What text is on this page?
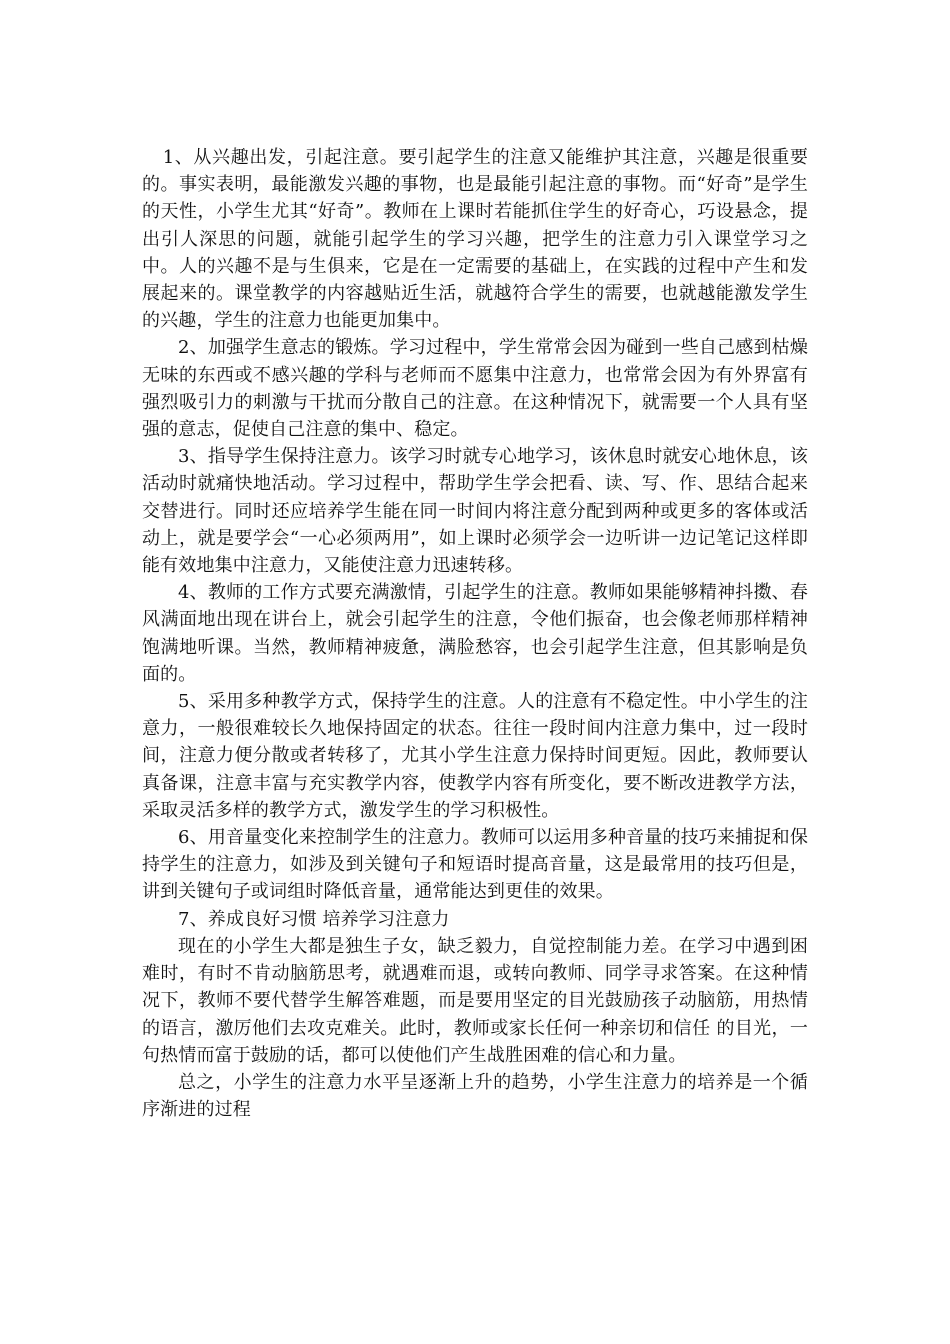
1、从兴趣出发，引起注意。要引起学生的注意又能维护其注意，兴趣是很重要的。事实表明，最能激发兴趣的事物，也是最能引起注意的事物。而“好奇”是学生的天性，小学生尤其“好奇”。教师在上课时若能抓住学生的好奇心，巧设悬念，提出引人深思的问题，就能引起学生的学习兴趣，把学生的注意力引入课堂学习之中。人的兴趣不是与生俱来，它是在一定需要的基础上，在实践的过程中产生和发展起来的。课堂教学的内容越贴近生活，就越符合学生的需要，也就越能激发学生的兴趣，学生的注意力也能更加集中。

2、加强学生意志的锻炼。学习过程中，学生常常会因为碰到一些自己感到枯燥无味的东西或不感兴趣的学科与老师而不愿集中注意力，也常常会因为有外界富有强烈吸引力的刺激与干扰而分散自己的注意。在这种情况下，就需要一个人具有坚强的意志，促使自己注意的集中、稳定。

3、指导学生保持注意力。该学习时就专心地学习，该休息时就安心地休息，该活动时就痛快地活动。学习过程中，帮助学生学会把看、读、写、作、思结合起来交替进行。同时还应培养学生能在同一时间内将注意分配到两种或更多的客体或活动上，就是要学会“一心必须两用”，如上课时必须学会一边听讲一边记笔记这样即能有效地集中注意力，又能使注意力迅速转移。

4、教师的工作方式要充满激情，引起学生的注意。教师如果能够精神抖擞、春风满面地出现在讲台上，就会引起学生的注意，令他们振奋，也会像老师那样精神饱满地听课。当然，教师精神疲惫，满脸愁容，也会引起学生注意，但其影响是负面的。

5、采用多种教学方式，保持学生的注意。人的注意有不稳定性。中小学生的注意力，一般很难较长久地保持固定的状态。往往一段时间内注意力集中，过一段时间，注意力便分散或者转移了，尤其小学生注意力保持时间更短。因此，教师要认真备课，注意丰富与充实教学内容，使教学内容有所变化，要不断改进教学方法，采取灵活多样的教学方式，激发学生的学习积极性。

6、用音量变化来控制学生的注意力。教师可以运用多种音量的技巧来捕捉和保持学生的注意力，如涉及到关键句子和短语时提高音量，这是最常用的技巧但是，讲到关键句子或词组时降低音量，通常能达到更佳的效果。

7、养成良好习惯 培养学习注意力

现在的小学生大都是独生子女，缺乏毅力，自觉控制能力差。在学习中遇到困难时，有时不肯动脑筋思考，就遇难而退，或转向教师、同学寻求答案。在这种情况下，教师不要代替学生解答难题，而是要用坚定的目光鼓励孩子动脑筋，用热情的语言，激厉他们去攻克难关。此时，教师或家长任何一种亲切和信任 的目光，一句热情而富于鼓励的话，都可以使他们产生战胜困难的信心和力量。

总之，小学生的注意力水平呈逐渐上升的趋势，小学生注意力的培养是一个循序渐进的过程
